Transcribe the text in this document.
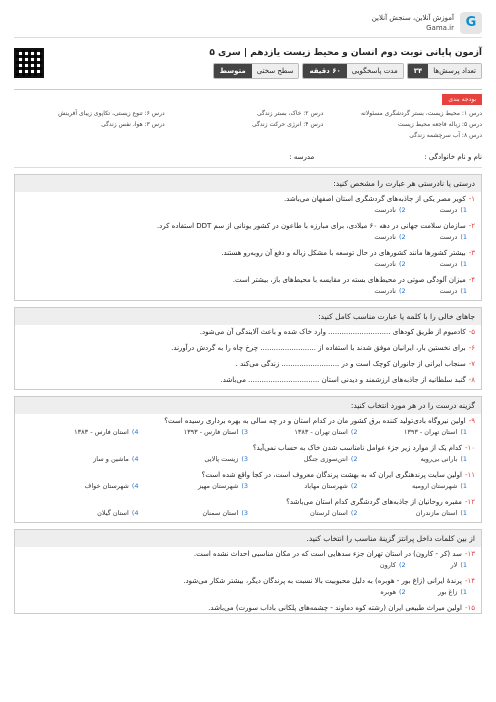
G
آموزش آنلاین، سنجش آنلاین
Gama.ir
آزمون پایانی نوبت دوم انسان و محیط زیست یازدهم | سری ۵
تعداد پرسش‌ها
۳۴
مدت پاسخگویی
۶۰ دقیقه
سطح سختی
متوسط
بودجه بندی
درس ۱: محیط زیست، بستر گردشگری مسئولانه
درس ۲: خاک، بستر زندگی
درس ۶: تنوع زیستی، تکاپوی زیبای آفرینش
درس ۵: زباله فاجعه محیط زیست
درس ۴: انرژی حرکت زندگی
درس ۳: هوا، نفس زندگی
درس ۸: آب سرچشمه زندگی
نام و نام خانوادگی :
مدرسه :
درستی یا نادرستی هر عبارت را مشخص کنید:
۱-کویر مصر یکی از جاذبه‌های گردشگری استان اصفهان می‌باشد.
1)درست
2)نادرست
۲-سازمان سلامت جهانی در دهه ۶۰ میلادی، برای مبارزه با طاعون در کشور یونانی از سم DDT استفاده کرد.
1)درست
2)نادرست
۳-بیشتر کشورها مانند کشورهای در حال توسعه با مشکل زباله و دفع آن روبه‌رو هستند.
1)درست
2)نادرست
۴-میزان آلودگی صوتی در محیط‌های بسته در مقایسه با محیط‌های باز، بیشتر است.
1)درست
2)نادرست
جاهای خالی را با کلمه یا عبارت مناسب کامل کنید:
۵-کادمیوم از طریق کودهای ............................ وارد خاک شده و باعث آلایندگی آن می‌شود.
۶-برای نخستین بار، ایرانیان موفق شدند با استفاده از ......................... چرخ چاه را به گردش درآورند.
۷-سنجاب ایرانی از جانوران کوچک است و در .......................... زندگی می‌کند .
۸-گنبد سلطانیه از جاذبه‌های ارزشمند و دیدنی استان ................................ می‌باشد.
گزینه درست را در هر مورد انتخاب کنید:
۹-اولین نیروگاه بادی‌تولید کننده برق کشور مان در کدام استان و در چه سالی به بهره برداری رسیده است؟
1)استان تهران - ۱۳۹۳
2)استان تهران - ۱۳۸۳
3)استان فارس - ۱۳۹۳
4)استان فارس - ۱۳۸۳
۱۰-کدام یک از موارد زیر جزء عوامل نامناسب شدن خاک به حساب نمی‌آید؟
1)بارانی بی‌رویه
2)انتن‌سوزی جنگل
3)زیست پالایی
4)ماشین و ساز
۱۱-اولین سایت پرندهنگری ایران که به بهشت پرندگان معروف است، در کجا واقع شده است؟
1)شهرستان ارومیه
2)شهرستان مهاباد
3)شهرستان مهیز
4)شهرستان خواف
۱۲-مقبره روحانیان از جاذبه‌های گردشگری کدام استان می‌باشد؟
1)استان مازندران
2)استان لرستان
3)استان سمنان
4)استان گیلان
از بین کلمات داخل پرانتز گزینهٔ مناسب را انتخاب کنید.
۱۳-سد (کر - کارون) در استان تهران جزء سدهایی است که در مکان مناسبی احداث نشده است.
1)لار
2)کارون
۱۴-پرندهٔ ایرانی (زاغ بور - هوبره) به دلیل محبوبیت بالا نسبت به پرندگان دیگر، بیشتر شکار می‌شود.
1)زاغ بور
2)هوبره
۱۵-اولین میراث طبیعی ایران (رشته کوه دماوند - چشمه‌های پلکانی باداب سورت) می‌باشد.
